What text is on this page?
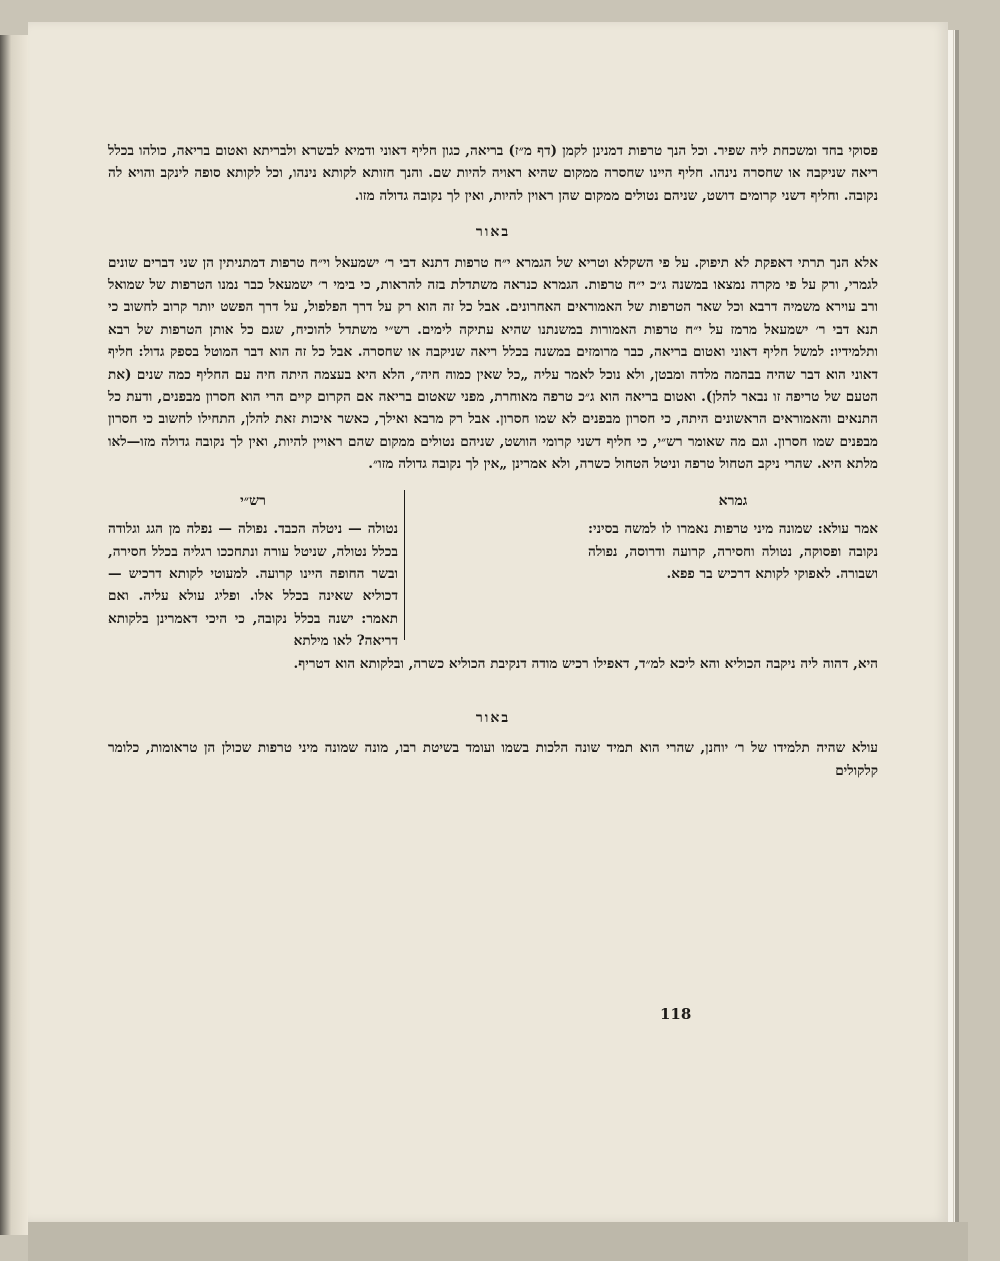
פסוקי בחד ומשכחת ליה שפיר. וכל הנך טרפות דמנינן לקמן (דף מ״ז) בריאה, כגון חליף דאוני ודמיא לבשרא ולבריתא ואטום בריאה, כולהו בכלל ריאה שניקבה או שחסרה נינהו. חליף היינו שחסרה ממקום שהיא ראויה להיות שם. והנך חזותא לקותא נינהו, וכל לקותא סופה לינקב והויא לה נקובה. וחליף דשני קרומים דושט, שניהם נטולים ממקום שהן ראוין להיות, ואין לך נקובה גדולה מזו.

באור

אלא הנך תרתי דאפקת לא תיפוק. על פי השקלא וטריא של הגמרא י״ח טרפות דתנא דבי ר׳ ישמעאל וי״ח טרפות דמתניתין הן שני דברים שונים לגמרי, ורק על פי מקרה נמצאו במשנה ג״כ י״ח טרפות. הגמרא כנראה משתדלת בזה להראות, כי בימי ר׳ ישמעאל כבר נמנו הטרפות של שמואל ורב עוירא משמיה דרבא וכל שאר הטרפות של האמוראים האחרונים. אבל כל זה הוא רק על דרך הפלפול, על דרך הפשט יותר קרוב לחשוב כי תנא דבי ר׳ ישמעאל מרמז על י״ח טרפות האמורות במשנתנו שהיא עתיקה לימים. רש״י משתדל להוכיח, שגם כל אותן הטרפות של רבא ותלמידיו: למשל חליף דאוני ואטום בריאה, כבר מרומזים במשנה בכלל ריאה שניקבה או שחסרה. אבל כל זה הוא דבר המוטל בספק גדול: חליף דאוני הוא דבר שהיה בבהמה מלדה ומבטן, ולא נוכל לאמר עליה „כל שאין כמוה חיה״, הלא היא בעצמה היתה חיה עם החליף כמה שנים (את הטעם של טריפה זו נבאר להלן). ואטום בריאה הוא ג״כ טרפה מאוחרת, מפני שאטום בריאה אם הקרום קיים הרי הוא חסרון מבפנים, ודעת כל התנאים והאמוראים הראשונים היתה, כי חסרון מבפנים לא שמו חסרון. אבל רק מרבא ואילך, כאשר איכות זאת להלן, התחילו לחשוב כי חסרון מבפנים שמו חסרון. וגם מה שאומר רש״י, כי חליף דשני קרומי הוושט, שניהם נטולים ממקום שהם ראויין להיות, ואין לך נקובה גדולה מזו—לאו מלתא היא. שהרי ניקב הטחול טרפה וניטל הטחול כשרה, ולא אמרינן „אין לך נקובה גדולה מזו״.

גמרא
אמר עולא: שמונה מיני טרפות נאמרו לו למשה בסיני: נקובה ופסוקה, נטולה וחסירה, קרועה ודרוסה, נפולה ושבורה. לאפוקי לקותא דרכיש בר פפא.
רש״י
נטולה — ניטלה הכבד. נפולה — נפלה מן הגג וגלודה בכלל נטולה, שניטל עורה ונתחככו רגליה בכלל חסירה, ובשר החופה היינו קרועה. למעוטי לקותא דרכיש — דכוליא שאינה בכלל אלו. ופליג עולא עליה. ואם תאמר: ישנה בכלל נקובה, כי היכי דאמרינן בלקותא דריאה? לאו מילתא

היא, דהוה ליה ניקבה הכוליא והא ליכא למ״ד, דאפילו רכיש מודה דנקיבת הכוליא כשרה, ובלקותא הוא דטריף.

באור

עולא שהיה תלמידו של ר׳ יוחנן, שהרי הוא תמיד שונה הלכות בשמו ועומד בשיטת רבו, מונה שמונה מיני טרפות שכולן הן טראומות, כלומר קלקולים

118
